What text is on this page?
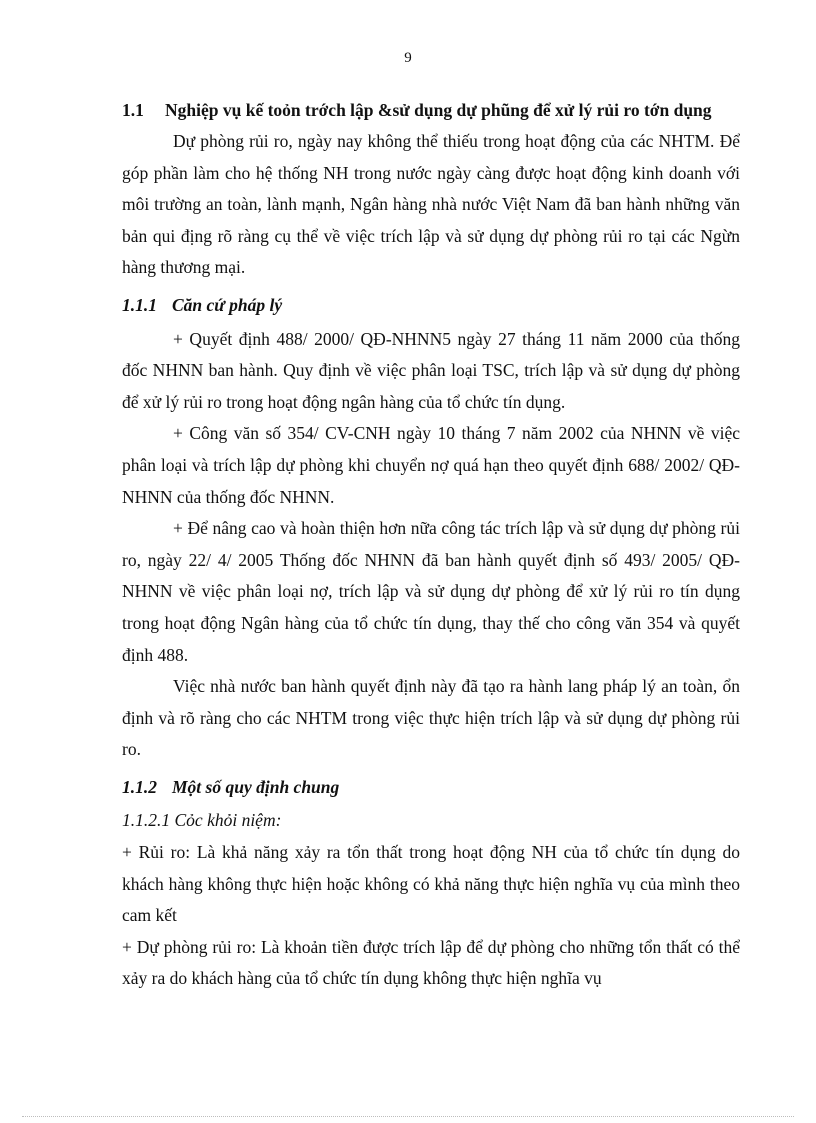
9
1.1 Nghiệp vụ kế toỏn trớch lập &sử dụng dự phũng để xử lý rủi ro tớn dụng

Dự phòng rủi ro, ngày nay không thể thiếu trong hoạt động của các NHTM. Để góp phần làm cho hệ thống NH trong nước ngày càng được hoạt động kinh doanh với môi trường an toàn, lành mạnh, Ngân hàng nhà nước Việt Nam đã ban hành những văn bản qui địng rõ ràng cụ thể về việc trích lập và sử dụng dự phòng rủi ro tại các Ngừn hàng thương mại.

1.1.1 Căn cứ pháp lý

+ Quyết định 488/ 2000/ QĐ-NHNN5 ngày 27 tháng 11 năm 2000 của thống đốc NHNN ban hành. Quy định về việc phân loại TSC, trích lập và sử dụng dự phòng để xử lý rủi ro trong hoạt động ngân hàng của tổ chức tín dụng.

+ Công văn số 354/ CV-CNH ngày 10 tháng 7 năm 2002 của NHNN về việc phân loại và trích lập dự phòng khi chuyển nợ quá hạn theo quyết định 688/ 2002/ QĐ-NHNN của thống đốc NHNN.

+ Để nâng cao và hoàn thiện hơn nữa công tác trích lập và sử dụng dự phòng rủi ro, ngày 22/ 4/ 2005 Thống đốc NHNN đã ban hành quyết định số 493/ 2005/ QĐ-NHNN về việc phân loại nợ, trích lập và sử dụng dự phòng để xử lý rủi ro tín dụng trong hoạt động Ngân hàng của tổ chức tín dụng, thay thế cho công văn 354 và quyết định 488.

Việc nhà nước ban hành quyết định này đã tạo ra hành lang pháp lý an toàn, ổn định và rõ ràng cho các NHTM trong việc thực hiện trích lập và sử dụng dự phòng rủi ro.

1.1.2 Một số quy định chung
1.1.2.1 Cỏc khỏi niệm:

+ Rủi ro: Là khả năng xảy ra tổn thất trong hoạt động NH của tổ chức tín dụng do khách hàng không thực hiện hoặc không có khả năng thực hiện nghĩa vụ của mình theo cam kết

+ Dự phòng rủi ro: Là khoản tiền được trích lập để dự phòng cho những tổn thất có thể xảy ra do khách hàng của tổ chức tín dụng không thực hiện nghĩa vụ
